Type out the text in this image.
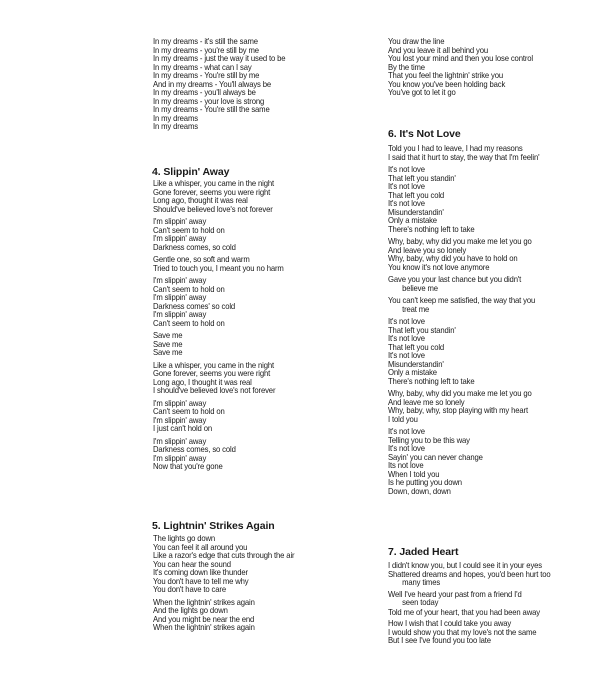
In my dreams - it's still the same
In my dreams - you're still by me
In my dreams - just the way it used to be
In my dreams - what can I say
In my dreams - You're still by me
And in my dreams - You'll always be
In my dreams - you'll always be
In my dreams - your love is strong
In my dreams - You're still the same
In my dreams
In my dreams
4. Slippin' Away
Like a whisper, you came in the night
Gone forever, seems you were right
Long ago, thought it was real
Should've believed love's not forever
I'm slippin' away
Can't seem to hold on
I'm slippin' away
Darkness comes, so cold
Gentle one, so soft and warm
Tried to touch you, I meant you no harm
I'm slippin' away
Can't seem to hold on
I'm slippin' away
Darkness comes' so cold
I'm slippin' away
Can't seem to hold on
Save me
Save me
Save me
Like a whisper, you came in the night
Gone forever, seems you were right
Long ago, I thought it was real
I should've believed love's not forever
I'm slippin' away
Can't seem to hold on
I'm slippin' away
I just can't hold on
I'm slippin' away
Darkness comes, so cold
I'm slippin' away
Now that you're gone
5. Lightnin' Strikes Again
The lights go down
You can feel it all around you
Like a razor's edge that cuts through the air
You can hear the sound
It's coming down like thunder
You don't have to tell me why
You don't have to care
When the lightnin' strikes again
And the lights go down
And you might be near the end
When the lightnin' strikes again
You draw the line
And you leave it all behind you
You lost your mind and then you lose control
By the time
That you feel the lightnin' strike you
You know you've been holding back
You've got to let it go
6. It's Not Love
Told you I had to leave, I had my reasons
I said that it hurt to stay, the way that I'm feelin'
It's not love
That left you standin'
It's not love
That left you cold
It's not love
Misunderstandin'
Only a mistake
There's nothing left to take
Why, baby, why did you make me let you go
And leave you so lonely
Why, baby, why did you have to hold on
You know it's not love anymore
Gave you your last chance but you didn't
believe me
You can't keep me satisfied, the way that you
treat me
It's not love
That left you standin'
It's not love
That left you cold
It's not love
Misunderstandin'
Only a mistake
There's nothing left to take
Why, baby, why did you make me let you go
And leave me so lonely
Why, baby, why, stop playing with my heart
I told you
It's not love
Telling you to be this way
It's not love
Sayin' you can never change
Its not love
When I told you
Is he putting you down
Down, down, down
7. Jaded Heart
I didn't know you, but I could see it in your eyes
Shattered dreams and hopes, you'd been hurt too
many times
Well I've heard your past from a friend I'd
seen today
Told me of your heart, that you had been away
How I wish that I could take you away
I would show you that my love's not the same
But I see I've found you too late
